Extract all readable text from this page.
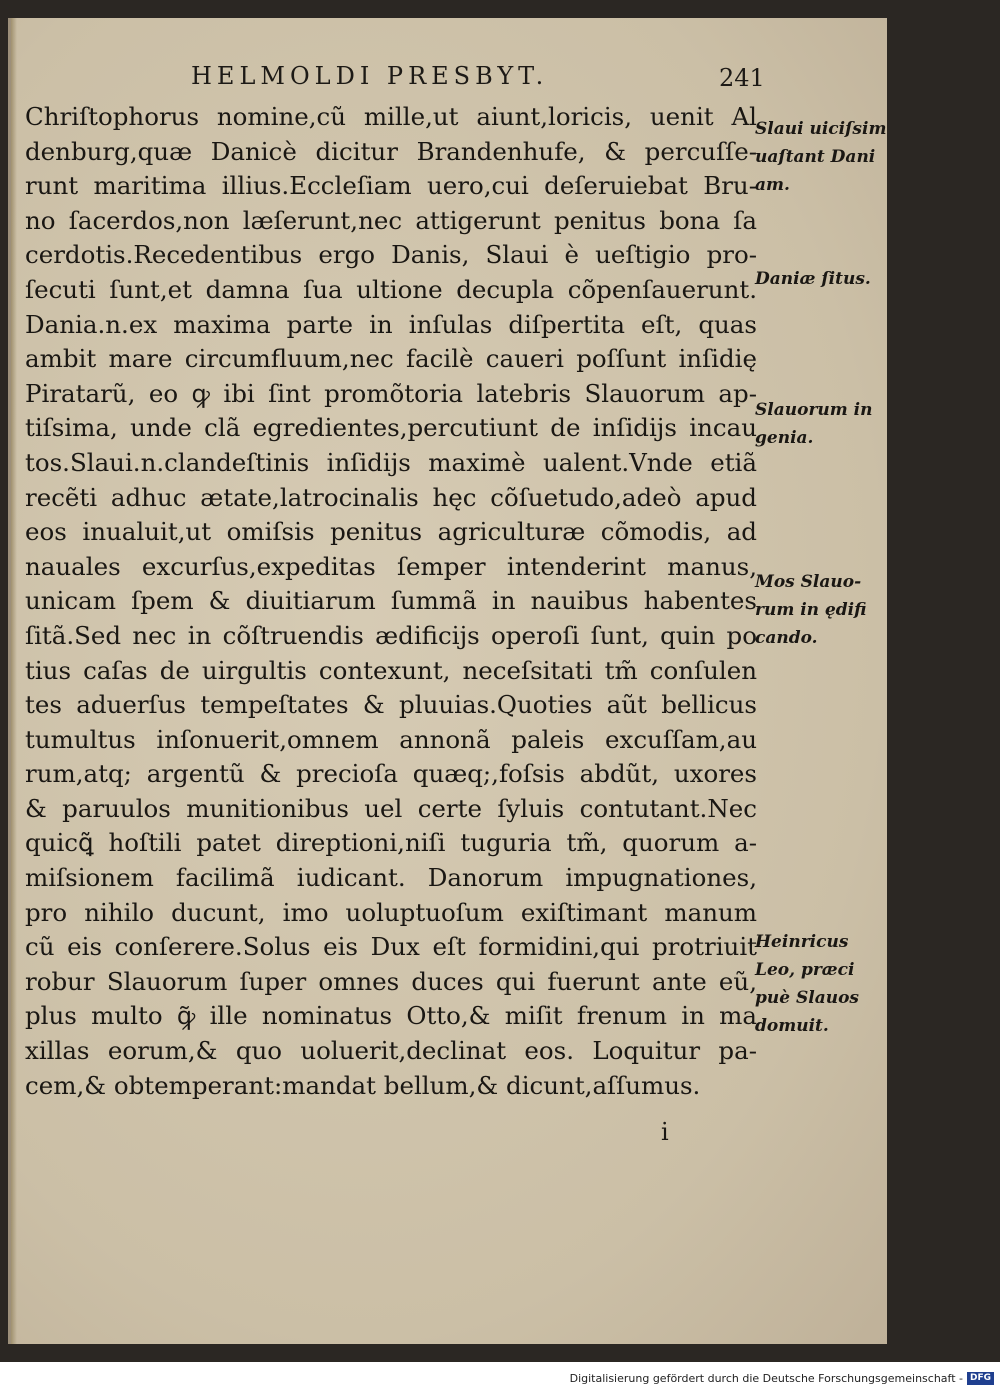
HELMOLDI PRESBYT.	241
Chriſtophorus nomine,cũ mille,ut aiunt,loricis, uenit Al
denburg,quæ Danicè dicitur Brandenhufe, & percuſſe-
runt maritima illius.Eccleſiam uero,cui deſeruiebat Bru-
no ſacerdos,non læſerunt,nec attigerunt penitus bona ſa
cerdotis.Recedentibus ergo Danis, Slaui è ueſtigio pro-
ſecuti ſunt,et damna ſua ultione decupla cõpenſauerunt.
Dania.n.ex maxima parte in inſulas diſpertita eſt, quas
ambit mare circumfluum,nec facilè caueri poſſunt inſidię
Piratarũ, eo ꝙ ibi ſint promõtoria latebris Slauorum ap-
tiſsima, unde clã egredientes,percutiunt de inſidijs incau
tos.Slaui.n.clandeſtinis inſidijs maximè ualent.Vnde etiã
recẽti adhuc ætate,latrocinalis hęc cõſuetudo,adeò apud
eos inualuit,ut omiſsis penitus agriculturæ cõmodis, ad
nauales excurſus,expeditas ſemper intenderint manus,
unicam ſpem & diuitiarum ſummã in nauibus habentes
ſitã.Sed nec in cõſtruendis ædificijs operoſi ſunt, quin po
tius caſas de uirgultis contexunt, neceſsitati tm̃ conſulen
tes aduerſus tempeſtates & pluuias.Quoties aũt bellicus
tumultus inſonuerit,omnem annonã paleis excuſſam,au
rum,atq; argentũ & precioſa quæq;,foſsis abdũt, uxores
& paruulos munitionibus uel certe ſyluis contutant.Nec
quicꝗ̃ hoſtili patet direptioni,niſi tuguria tm̃, quorum a-
miſsionem facilimã iudicant. Danorum impugnationes,
pro nihilo ducunt, imo uoluptuoſum exiſtimant manum
cũ eis conſerere.Solus eis Dux eſt formidini,qui protriuit
robur Slauorum ſuper omnes duces qui fuerunt ante eũ,
plus multo ꝙ̃ ille nominatus Otto,& miſit frenum in ma
xillas eorum,& quo uoluerit,declinat eos. Loquitur pa-
cem,& obtemperant:mandat bellum,& dicunt,aſſumus.
Slaui uiciſsim
uaſtant Dani
am.
Daniæ ſitus.
Slauorum in
genia.
Mos Slauo-
rum in ędifi
cando.
Heinricus
Leo, præci
puè Slauos
domuit.
i
Digitalisierung gefördert durch die Deutsche Forschungsgemeinschaft - DFG
